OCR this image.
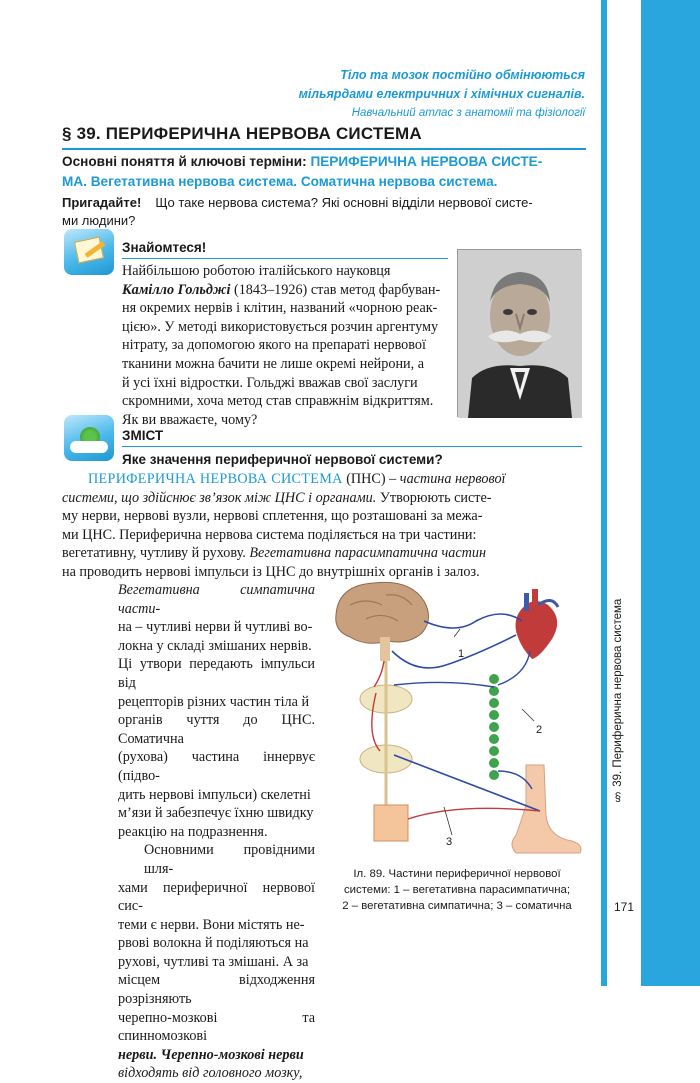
§ 39. Периферична нервова система
171
Тіло та мозок постійно обмінюються
мільярдами електричних і хімічних сигналів.
Навчальний атлас з анатомії та фізіології
§ 39. ПЕРИФЕРИЧНА НЕРВОВА СИСТЕМА
Основні поняття й ключові терміни: ПЕРИФЕРИЧНА НЕРВОВА СИСТЕ-
МА. Вегетативна нервова система. Соматична нервова система.
Пригадайте! Що таке нервова система? Які основні відділи нервової систе-
ми людини?
Знайомтеся!
Найбільшою роботою італійського науковця
Камілло Гольджі (1843–1926) став метод фарбуван-
ня окремих нервів і клітин, названий «чорною реак-
цією». У методі використовується розчин аргентуму
нітрату, за допомогою якого на препараті нервової
тканини можна бачити не лише окремі нейрони, а
й усі їхні відростки. Гольджі вважав свої заслуги
скромними, хоча метод став справжнім відкриттям.
Як ви вважаєте, чому?
ЗМІСТ
Яке значення периферичної нервової системи?
ПЕРИФЕРИЧНА НЕРВОВА СИСТЕМА (ПНС) – частина нервової
системи, що здійснює зв’язок між ЦНС і органами. Утворюють систе-
му нерви, нервові вузли, нервові сплетення, що розташовані за межа-
ми ЦНС. Периферична нервова система поділяється на три частини:
вегетативну, чутливу й рухову. Вегетативна парасимпатична частин
на проводить нервові імпульси із ЦНС до внутрішніх органів і залоз.
Вегетативна симпатична части-
на – чутливі нерви й чутливі во-
локна у складі змішаних нервів.
Ці утвори передають імпульси від
рецепторів різних частин тіла й
органів чуття до ЦНС. Соматична
(рухова) частина іннервує (підво-
дить нервові імпульси) скелетні
м’язи й забезпечує їхню швидку
реакцію на подразнення.
Основними провідними шля-
хами периферичної нервової сис-
теми є нерви. Вони містять не-
рвові волокна й поділяються на
рухові, чутливі та змішані. А за
місцем відходження розрізняють
черепно-мозкові та спинномозкові
нерви. Черепно-мозкові нерви
відходять від головного мозку,
1
2
3
Іл. 89. Частини периферичної нервової
системи: 1 – вегетативна парасимпатична;
2 – вегетативна симпатична; 3 – соматична
